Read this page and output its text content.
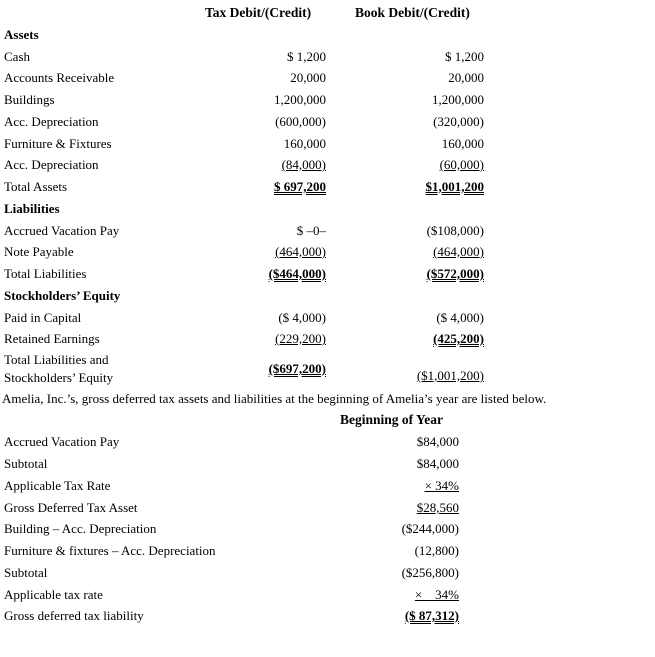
Tax Debit/(Credit)	Book Debit/(Credit)
Assets
Cash	$ 1,200	$ 1,200
Accounts Receivable	20,000	20,000
Buildings	1,200,000	1,200,000
Acc. Depreciation	(600,000)	(320,000)
Furniture & Fixtures	160,000	160,000
Acc. Depreciation	(84,000)	(60,000)
Total Assets	$ 697,200	$1,001,200
Liabilities
Accrued Vacation Pay	$ –0–	($108,000)
Note Payable	(464,000)	(464,000)
Total Liabilities	($464,000)	($572,000)
Stockholders’ Equity
Paid in Capital	($ 4,000)	($ 4,000)
Retained Earnings	(229,200)	(425,200)
Total Liabilities and
Stockholders’ Equity
($697,200)	($1,001,200)
Amelia, Inc.’s, gross deferred tax assets and liabilities at the beginning of Amelia’s year are listed below.
Beginning of Year
Accrued Vacation Pay	$84,000
Subtotal	$84,000
Applicable Tax Rate	× 34%
Gross Deferred Tax Asset	$28,560
Building – Acc. Depreciation	($244,000)
Furniture & fixtures – Acc. Depreciation	(12,800)
Subtotal	($256,800)
Applicable tax rate	×    34%
Gross deferred tax liability	($ 87,312)
